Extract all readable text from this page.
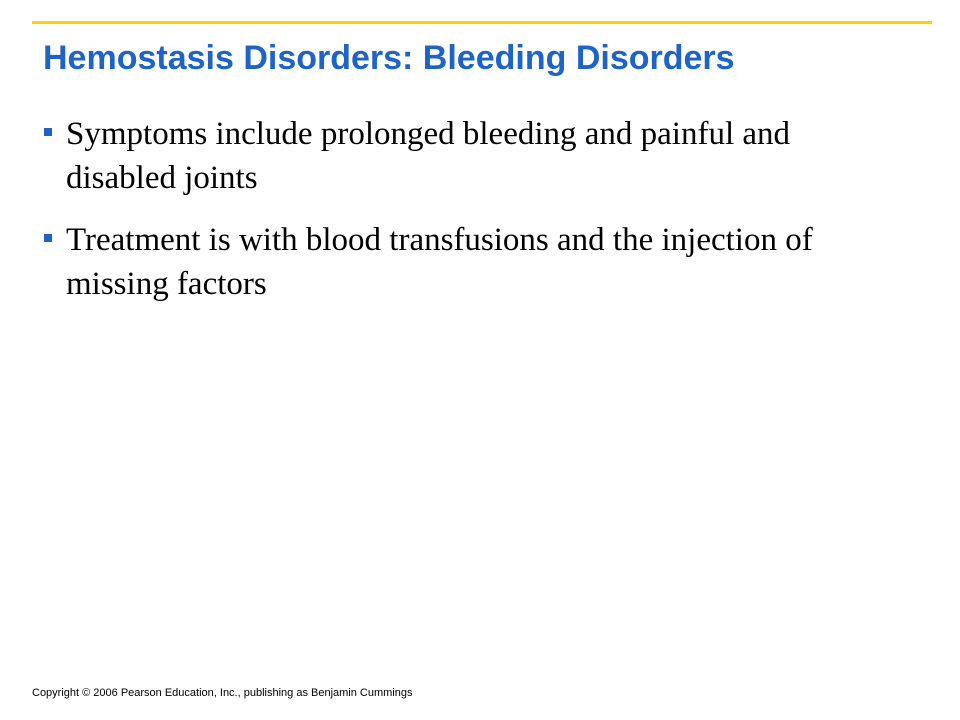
Hemostasis Disorders: Bleeding Disorders
Symptoms include prolonged bleeding and painful and disabled joints
Treatment is with blood transfusions and the injection of missing factors
Copyright © 2006 Pearson Education, Inc., publishing as Benjamin Cummings
